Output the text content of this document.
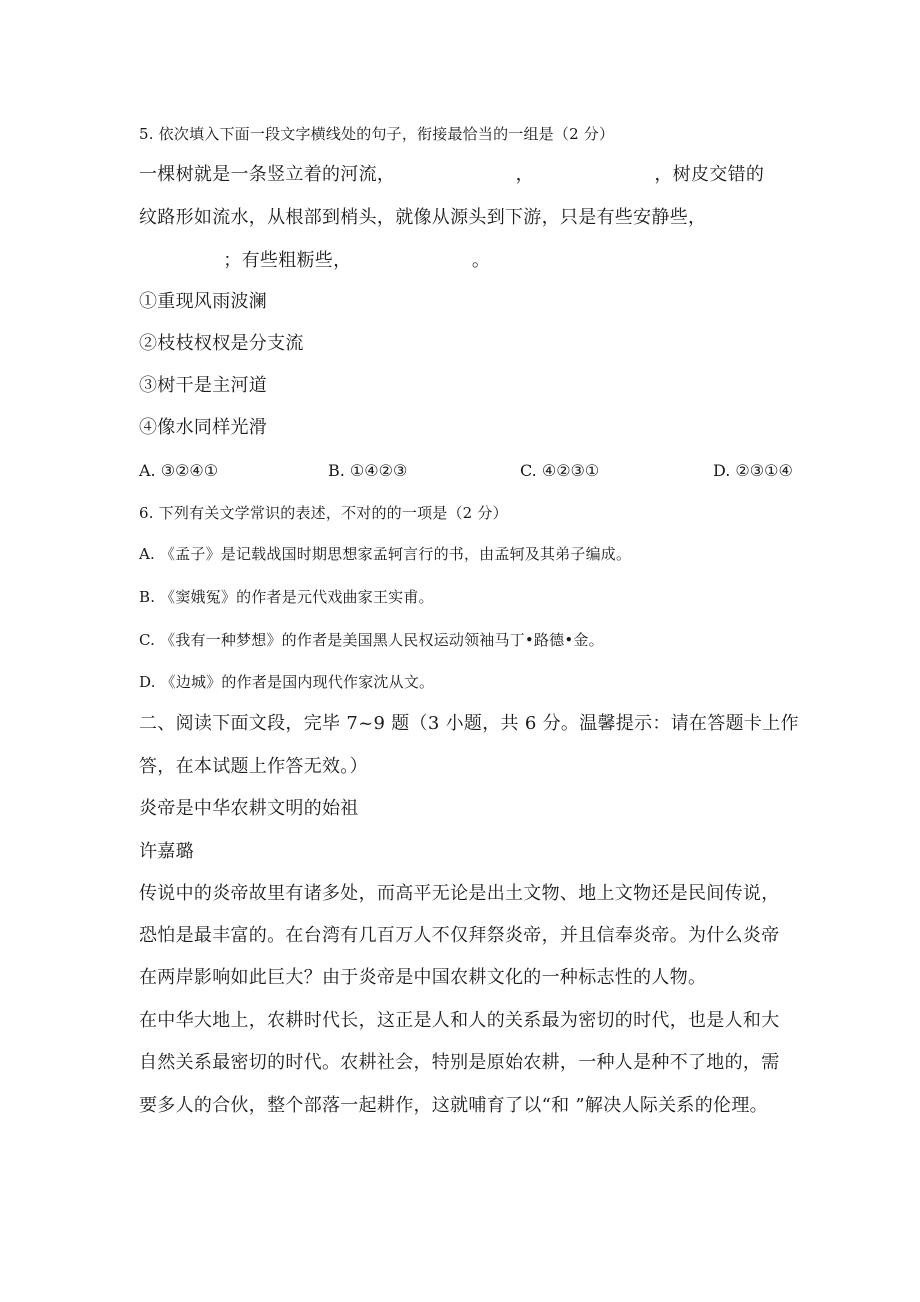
5. 依次填入下面一段文字横线处的句子，衔接最恰当的一组是（2 分）
一棵树就是一条竖立着的河流，                    ，                    ，树皮交错的
纹路形如流水，从根部到梢头，就像从源头到下游，只是有些安静些，
；有些粗粝些，                    。
①重现风雨波澜
②枝枝杈杈是分支流
③树干是主河道
④像水同样光滑
A. ③②④①	B. ①④②③	C. ④②③①	D. ②③①④
6. 下列有关文学常识的表述，不对的的一项是（2 分）
A. 《孟子》是记载战国时期思想家孟轲言行的书，由孟轲及其弟子编成。
B. 《窦娥冤》的作者是元代戏曲家王实甫。
C. 《我有一种梦想》的作者是美国黑人民权运动领袖马丁•路德•金。
D. 《边城》的作者是国内现代作家沈从文。
二、阅读下面文段，完毕 7~9 题（3 小题，共 6 分。温馨提示：请在答题卡上作
答，在本试题上作答无效。）
炎帝是中华农耕文明的始祖
许嘉璐
传说中的炎帝故里有诸多处，而高平无论是出土文物、地上文物还是民间传说，
恐怕是最丰富的。在台湾有几百万人不仅拜祭炎帝，并且信奉炎帝。为什么炎帝
在两岸影响如此巨大？由于炎帝是中国农耕文化的一种标志性的人物。
在中华大地上，农耕时代长，这正是人和人的关系最为密切的时代，也是人和大
自然关系最密切的时代。农耕社会，特别是原始农耕，一种人是种不了地的，需
要多人的合伙，整个部落一起耕作，这就哺育了以“和 ”解决人际关系的伦理。
